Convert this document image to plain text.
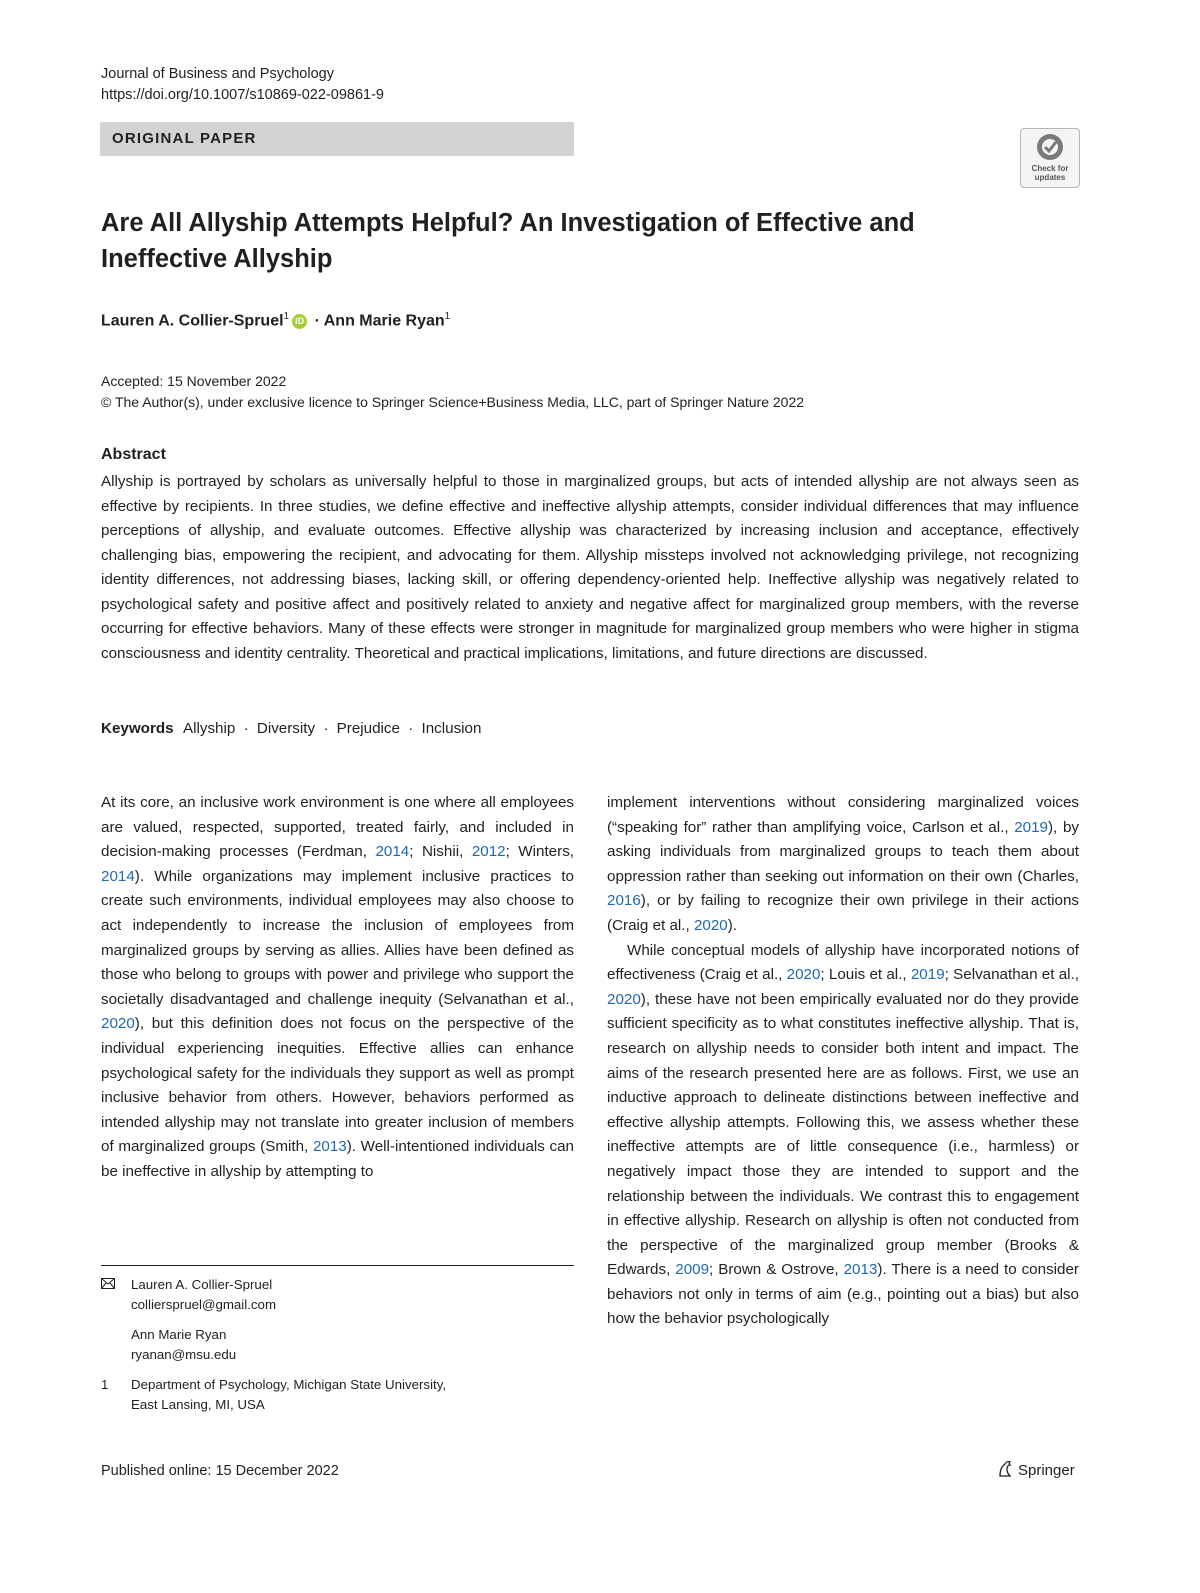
Journal of Business and Psychology
https://doi.org/10.1007/s10869-022-09861-9
ORIGINAL PAPER
Check for updates
Are All Allyship Attempts Helpful? An Investigation of Effective and Ineffective Allyship
Lauren A. Collier-Spruel$^1$ iD · Ann Marie Ryan$^1$
Accepted: 15 November 2022
© The Author(s), under exclusive licence to Springer Science+Business Media, LLC, part of Springer Nature 2022
Abstract
Allyship is portrayed by scholars as universally helpful to those in marginalized groups, but acts of intended allyship are not always seen as effective by recipients. In three studies, we define effective and ineffective allyship attempts, consider individual differences that may influence perceptions of allyship, and evaluate outcomes. Effective allyship was characterized by increasing inclusion and acceptance, effectively challenging bias, empowering the recipient, and advocating for them. Allyship missteps involved not acknowledging privilege, not recognizing identity differences, not addressing biases, lacking skill, or offering dependency-oriented help. Ineffective allyship was negatively related to psychological safety and positive affect and positively related to anxiety and negative affect for marginalized group members, with the reverse occurring for effective behaviors. Many of these effects were stronger in magnitude for marginalized group members who were higher in stigma consciousness and identity centrality. Theoretical and practical implications, limitations, and future directions are discussed.
Keywords Allyship · Diversity · Prejudice · Inclusion

At its core, an inclusive work environment is one where all employees are valued, respected, supported, treated fairly, and included in decision-making processes (Ferdman, 2014; Nishii, 2012; Winters, 2014). While organizations may implement inclusive practices to create such environments, individual employees may also choose to act independently to increase the inclusion of employees from marginalized groups by serving as allies. Allies have been defined as those who belong to groups with power and privilege who support the societally disadvantaged and challenge inequity (Selvanathan et al., 2020), but this definition does not focus on the perspective of the individual experiencing inequities. Effective allies can enhance psychological safety for the individuals they support as well as prompt inclusive behavior from others. However, behaviors performed as intended allyship may not translate into greater inclusion of members of marginalized groups (Smith, 2013). Well-intentioned individuals can be ineffective in allyship by attempting to

implement interventions without considering marginalized voices (“speaking for” rather than amplifying voice, Carlson et al., 2019), by asking individuals from marginalized groups to teach them about oppression rather than seeking out information on their own (Charles, 2016), or by failing to recognize their own privilege in their actions (Craig et al., 2020).

While conceptual models of allyship have incorporated notions of effectiveness (Craig et al., 2020; Louis et al., 2019; Selvanathan et al., 2020), these have not been empirically evaluated nor do they provide sufficient specificity as to what constitutes ineffective allyship. That is, research on allyship needs to consider both intent and impact. The aims of the research presented here are as follows. First, we use an inductive approach to delineate distinctions between ineffective and effective allyship attempts. Following this, we assess whether these ineffective attempts are of little consequence (i.e., harmless) or negatively impact those they are intended to support and the relationship between the individuals. We contrast this to engagement in effective allyship. Research on allyship is often not conducted from the perspective of the marginalized group member (Brooks & Edwards, 2009; Brown & Ostrove, 2013). There is a need to consider behaviors not only in terms of aim (e.g., pointing out a bias) but also how the behavior psychologically

Lauren A. Collier-Spruel
collierspruel@gmail.com
Ann Marie Ryan
ryanan@msu.edu
1 Department of Psychology, Michigan State University,
East Lansing, MI, USA
Published online: 15 December 2022	Springer
